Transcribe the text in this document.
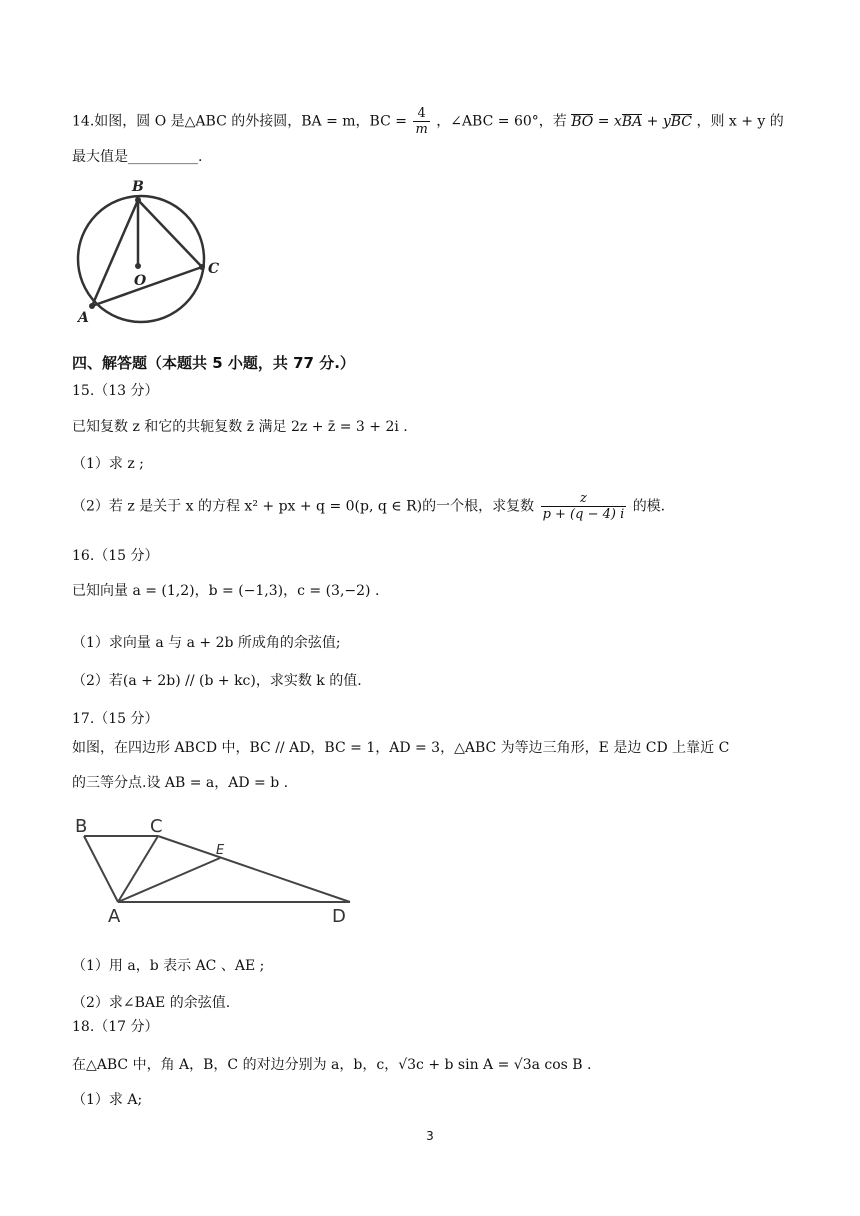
14.如图，圆 O 是△ABC 的外接圆，BA = m，BC = $\frac{4}{m}$ ，∠ABC = 60°，若 BO = xBA + yBC ，则 x + y 的
最大值是__________.
B
O
C
A
四、解答题（本题共 5 小题，共 77 分.）
15.（13 分）
已知复数 z 和它的共轭复数 z̄ 满足 2z + z̄ = 3 + 2i .
（1）求 z ;
（2）若 z 是关于 x 的方程 x² + px + q = 0(p, q ∈ R)的一个根，求复数 $\frac{z}{p + (q - 4) i}$ 的模.
16.（15 分）
已知向量 a = (1,2)，b = (−1,3)，c = (3,−2) .
（1）求向量 a 与 a + 2b 所成角的余弦值;
（2）若(a + 2b) // (b + kc)，求实数 k 的值.
17.（15 分）
如图，在四边形 ABCD 中，BC // AD，BC = 1，AD = 3，△ABC 为等边三角形，E 是边 CD 上靠近 C
的三等分点.设 AB = a，AD = b .
B	C
E
A	D
（1）用 a，b 表示 AC 、AE ;
（2）求∠BAE 的余弦值.
18.（17 分）
在△ABC 中，角 A，B，C 的对边分别为 a，b，c，√3c + b sin A = √3a cos B .
（1）求 A;
3
